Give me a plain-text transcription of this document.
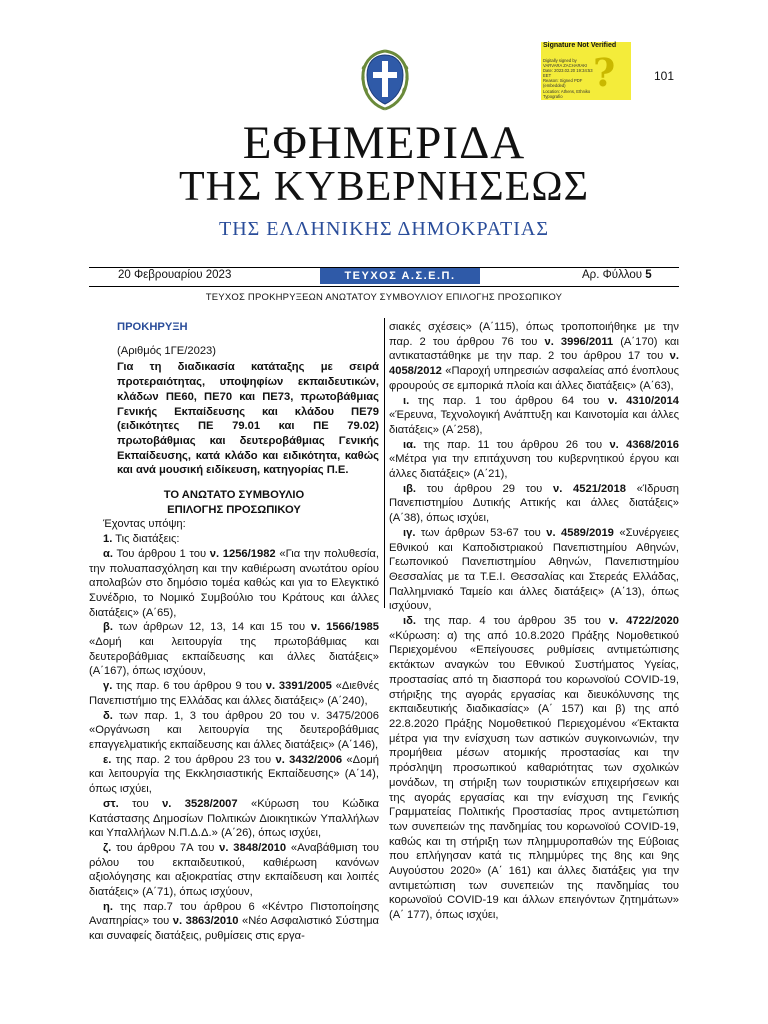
Signature Not Verified
Digitally signed by
VARVARA ZACHARAKI
Date: 2023.02.20 19:34:53
EET
Reason: Signed PDF
(embedded)
Location: Athens, Ethniko
Typografio
?	101
ΕΦΗΜΕΡΙΔΑ
ΤΗΣ ΚΥΒΕΡΝΗΣΕΩΣ
ΤΗΣ ΕΛΛΗΝΙΚΗΣ ΔΗΜΟΚΡΑΤΙΑΣ
20 Φεβρουαρίου 2023	ΤΕΥΧΟΣ Α.Σ.Ε.Π.	Αρ. Φύλλου 5
ΤΕΥΧΟΣ ΠΡΟΚΗΡΥΞΕΩΝ ΑΝΩΤΑΤΟΥ ΣΥΜΒΟΥΛΙΟΥ ΕΠΙΛΟΓΗΣ ΠΡΟΣΩΠΙΚΟΥ
ΠΡΟΚΗΡΥΞΗ
(Αριθμός 1ΓΕ/2023)
Για τη διαδικασία κατάταξης με σειρά προτεραιότητας, υποψηφίων εκπαιδευτικών, κλάδων ΠΕ60, ΠΕ70 και ΠΕ73, πρωτοβάθμιας Γενικής Εκπαίδευσης και κλάδου ΠΕ79 (ειδικότητες ΠΕ 79.01 και ΠΕ 79.02) πρωτοβάθμιας και δευτεροβάθμιας Γενικής Εκπαίδευσης, κατά κλάδο και ειδικότητα, καθώς και ανά μουσική ειδίκευση, κατηγορίας Π.Ε.
ΤΟ ΑΝΩΤΑΤΟ ΣΥΜΒΟΥΛΙΟ
ΕΠΙΛΟΓΗΣ ΠΡΟΣΩΠΙΚΟΥ

Έχοντας υπόψη:

1. Τις διατάξεις:

α. Του άρθρου 1 του ν. 1256/1982 «Για την πολυθεσία, την πολυαπασχόληση και την καθιέρωση ανωτάτου ορίου απολαβών στο δημόσιο τομέα καθώς και για το Ελεγκτικό Συνέδριο, το Νομικό Συμβούλιο του Κράτους και άλλες διατάξεις» (Α΄65),

β. των άρθρων 12, 13, 14 και 15 του ν. 1566/1985 «Δομή και λειτουργία της πρωτοβάθμιας και δευτεροβάθμιας εκπαίδευσης και άλλες διατάξεις» (Α΄167), όπως ισχύουν,

γ. της παρ. 6 του άρθρου 9 του ν. 3391/2005 «Διεθνές Πανεπιστήμιο της Ελλάδας και άλλες διατάξεις» (Α΄240),

δ. των παρ. 1, 3 του άρθρου 20 του ν. 3475/2006 «Οργάνωση και λειτουργία της δευτεροβάθμιας επαγγελματικής εκπαίδευσης και άλλες διατάξεις» (Α΄146),

ε. της παρ. 2 του άρθρου 23 του ν. 3432/2006 «Δομή και λειτουργία της Εκκλησιαστικής Εκπαίδευσης» (Α΄14), όπως ισχύει,

στ. του ν. 3528/2007 «Κύρωση του Κώδικα Κατάστασης Δημοσίων Πολιτικών Διοικητικών Υπαλλήλων και Υπαλλήλων Ν.Π.Δ.Δ.» (Α΄26), όπως ισχύει,

ζ. του άρθρου 7Α του ν. 3848/2010 «Αναβάθμιση του ρόλου του εκπαιδευτικού, καθιέρωση κανόνων αξιολόγησης και αξιοκρατίας στην εκπαίδευση και λοιπές διατάξεις» (Α΄71), όπως ισχύουν,

η. της παρ.7 του άρθρου 6 «Κέντρο Πιστοποίησης Αναπηρίας» του ν. 3863/2010 «Νέο Ασφαλιστικό Σύστημα και συναφείς διατάξεις, ρυθμίσεις στις εργα-

σιακές σχέσεις» (Α΄115), όπως τροποποιήθηκε με την παρ. 2 του άρθρου 76 του ν. 3996/2011 (Α΄170) και αντικαταστάθηκε με την παρ. 2 του άρθρου 17 του ν. 4058/2012 «Παροχή υπηρεσιών ασφαλείας από ένοπλους φρουρούς σε εμπορικά πλοία και άλλες διατάξεις» (Α΄63),

ι. της παρ. 1 του άρθρου 64 του ν. 4310/2014 «Έρευνα, Τεχνολογική Ανάπτυξη και Καινοτομία και άλλες διατάξεις» (Α΄258),

ια. της παρ. 11 του άρθρου 26 του ν. 4368/2016 «Μέτρα για την επιτάχυνση του κυβερνητικού έργου και άλλες διατάξεις» (Α΄21),

ιβ. του άρθρου 29 του ν. 4521/2018 «Ίδρυση Πανεπιστημίου Δυτικής Αττικής και άλλες διατάξεις» (Α΄38), όπως ισχύει,

ιγ. των άρθρων 53-67 του ν. 4589/2019 «Συνέργειες Εθνικού και Καποδιστριακού Πανεπιστημίου Αθηνών, Γεωπονικού Πανεπιστημίου Αθηνών, Πανεπιστημίου Θεσσαλίας με τα Τ.Ε.Ι. Θεσσαλίας και Στερεάς Ελλάδας, Παλλημνιακό Ταμείο και άλλες διατάξεις» (Α΄13), όπως ισχύουν,

ιδ. της παρ. 4 του άρθρου 35 του ν. 4722/2020 «Κύρωση: α) της από 10.8.2020 Πράξης Νομοθετικού Περιεχομένου «Επείγουσες ρυθμίσεις αντιμετώπισης εκτάκτων αναγκών του Εθνικού Συστήματος Υγείας, προστασίας από τη διασπορά του κορωνοϊού COVID-19, στήριξης της αγοράς εργασίας και διευκόλυνσης της εκπαιδευτικής διαδικασίας» (Α΄ 157) και β) της από 22.8.2020 Πράξης Νομοθετικού Περιεχομένου «Έκτακτα μέτρα για την ενίσχυση των αστικών συγκοινωνιών, την προμήθεια μέσων ατομικής προστασίας και την πρόσληψη προσωπικού καθαριότητας των σχολικών μονάδων, τη στήριξη των τουριστικών επιχειρήσεων και της αγοράς εργασίας και την ενίσχυση της Γενικής Γραμματείας Πολιτικής Προστασίας προς αντιμετώπιση των συνεπειών της πανδημίας του κορωνοϊού COVID-19, καθώς και τη στήριξη των πλημμυροπαθών της Εύβοιας που επλήγησαν κατά τις πλημμύρες της 8ης και 9ης Αυγούστου 2020» (Α΄ 161) και άλλες διατάξεις για την αντιμετώπιση των συνεπειών της πανδημίας του κορωνοϊού COVID-19 και άλλων επειγόντων ζητημάτων» (Α΄ 177), όπως ισχύει,
